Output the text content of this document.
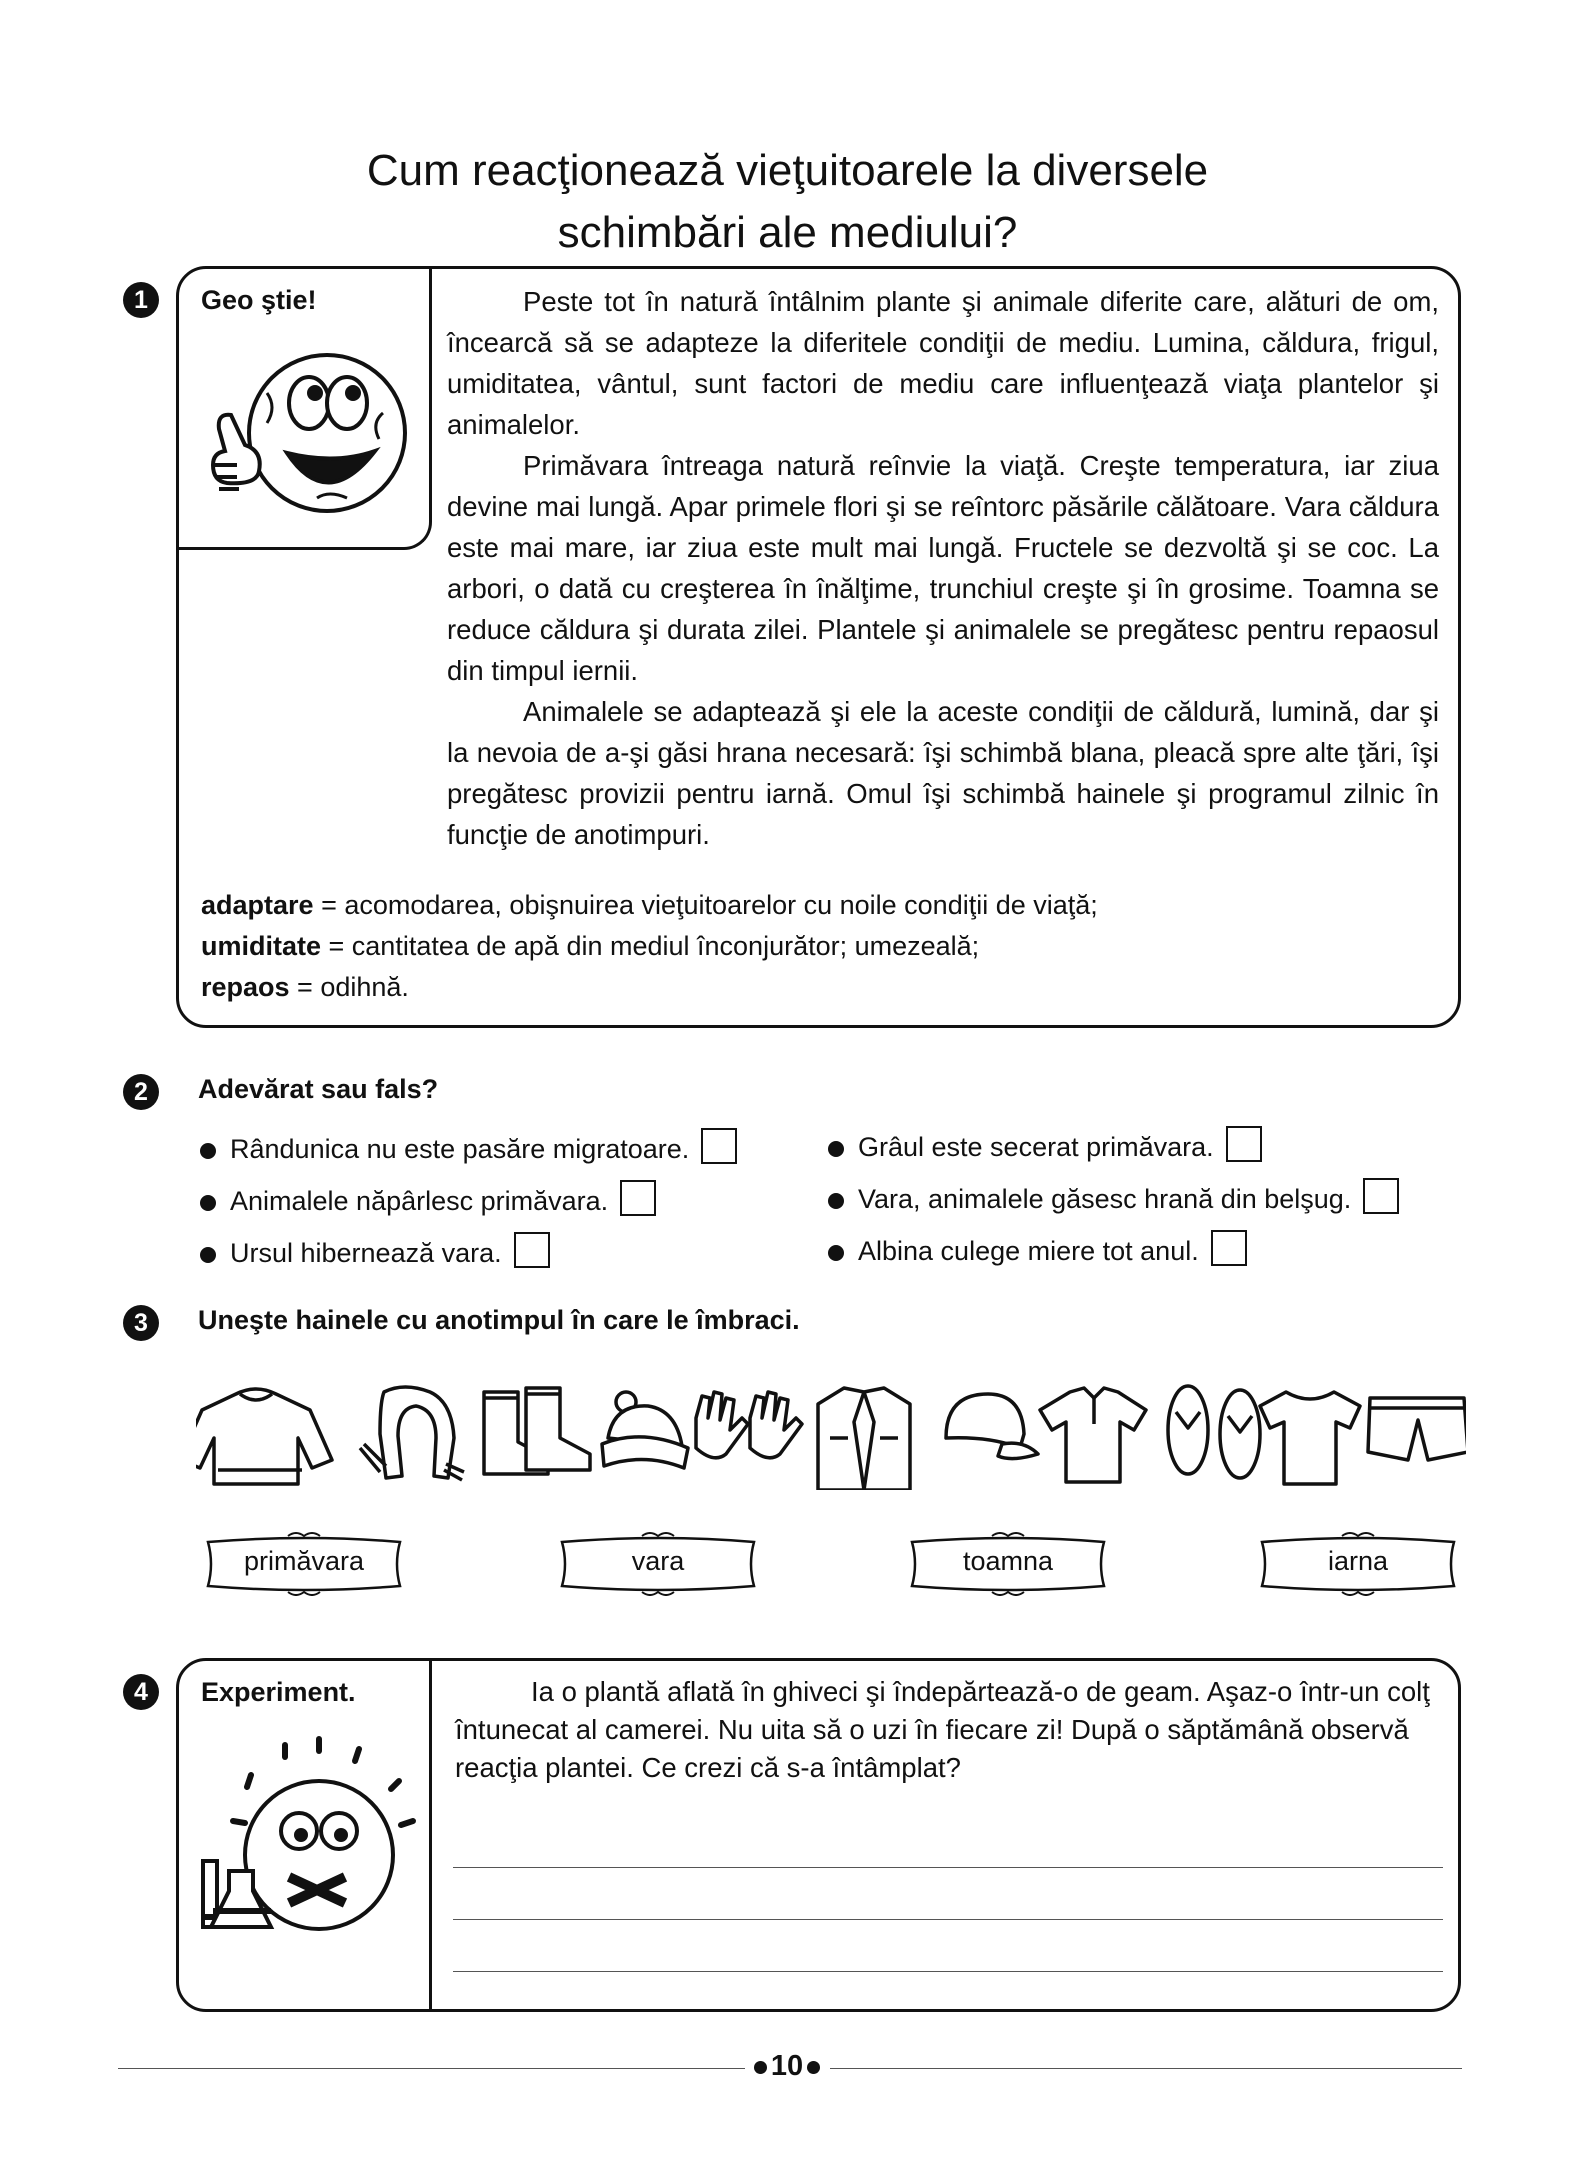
Cum reacţionează vieţuitoarele la diversele
schimbări ale mediului?
1	Geo ştie!	Peste tot în natură întâlnim plante şi animale diferite care, alături de om, încearcă să se adapteze la diferitele condiţii de mediu. Lumina, căldura, frigul, umiditatea, vântul, sunt factori de mediu care influenţează viaţa plantelor şi animalelor.

Primăvara întreaga natură reînvie la viaţă. Creşte temperatura, iar ziua devine mai lungă. Apar primele flori şi se reîntorc păsările călătoare. Vara căldura este mai mare, iar ziua este mult mai lungă. Fructele se dezvoltă şi se coc. La arbori, o dată cu creşterea în înălţime, trunchiul creşte şi în grosime. Toamna se reduce căldura şi durata zilei. Plantele şi animalele se pregătesc pentru repaosul din timpul iernii.

Animalele se adaptează şi ele la aceste condiţii de căldură, lumină, dar şi la nevoia de a-şi găsi hrana necesară: îşi schimbă blana, pleacă spre alte ţări, îşi pregătesc provizii pentru iarnă. Omul îşi schimbă hainele şi programul zilnic în funcţie de anotimpuri.

adaptare = acomodarea, obişnuirea vieţuitoarelor cu noile condiţii de viaţă;
umiditate = cantitatea de apă din mediul înconjurător; umezeală;
repaos = odihnă.
2	Adevărat sau fals?
Rândunica nu este pasăre migratoare.
Animalele năpârlesc primăvara.
Ursul hibernează vara.
Grâul este secerat primăvara.
Vara, animalele găsesc hrană din belşug.
Albina culege miere tot anul.
3	Uneşte hainele cu anotimpul în care le îmbraci.
primăvara	vara	toamna	iarna
4	Experiment.	Ia o plantă aflată în ghiveci şi îndepărtează-o de geam. Aşaz-o într-un colţ întunecat al camerei. Nu uita să o uzi în fiecare zi! După o săptămână observă reacţia plantei. Ce crezi că s-a întâmplat?

10
